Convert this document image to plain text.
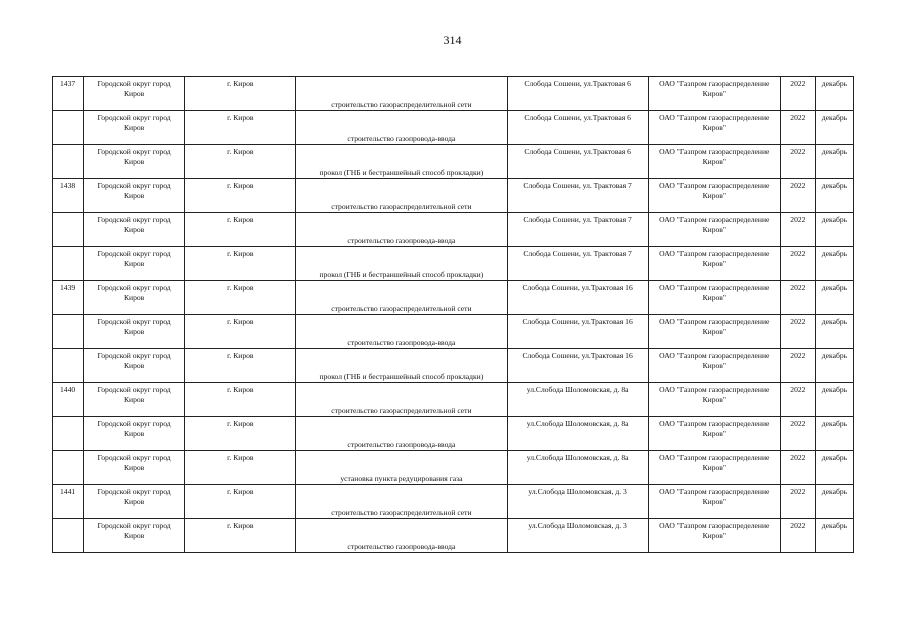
314
1437	Городской округ город Киров	г. Киров	строительство газораспределительной сети	Слобода Сошени, ул.Трактовая 6	ОАО "Газпром газораспределение Киров"	2022	декабрь

	Городской округ город Киров	г. Киров	строительство газопровода-ввода	Слобода Сошени, ул.Трактовая 6	ОАО "Газпром газораспределение Киров"	2022	декабрь

	Городской округ город Киров	г. Киров	прокол (ГНБ и бестраншейный способ прокладки)	Слобода Сошени, ул.Трактовая 6	ОАО "Газпром газораспределение Киров"	2022	декабрь

1438	Городской округ город Киров	г. Киров	строительство газораспределительной сети	Слобода Сошени, ул. Трактовая 7	ОАО "Газпром газораспределение Киров"	2022	декабрь

	Городской округ город Киров	г. Киров	строительство газопровода-ввода	Слобода Сошени, ул. Трактовая 7	ОАО "Газпром газораспределение Киров"	2022	декабрь

	Городской округ город Киров	г. Киров	прокол (ГНБ и бестраншейный способ прокладки)	Слобода Сошени, ул. Трактовая 7	ОАО "Газпром газораспределение Киров"	2022	декабрь

1439	Городской округ город Киров	г. Киров	строительство газораспределительной сети	Слобода Сошени, ул.Трактовая 16	ОАО "Газпром газораспределение Киров"	2022	декабрь

	Городской округ город Киров	г. Киров	строительство газопровода-ввода	Слобода Сошени, ул.Трактовая 16	ОАО "Газпром газораспределение Киров"	2022	декабрь

	Городской округ город Киров	г. Киров	прокол (ГНБ и бестраншейный способ прокладки)	Слобода Сошени, ул.Трактовая 16	ОАО "Газпром газораспределение Киров"	2022	декабрь

1440	Городской округ город Киров	г. Киров	строительство газораспределительной сети	ул.Слобода Шоломовская, д. 8а	ОАО "Газпром газораспределение Киров"	2022	декабрь

	Городской округ город Киров	г. Киров	строительство газопровода-ввода	ул.Слобода Шоломовская, д. 8а	ОАО "Газпром газораспределение Киров"	2022	декабрь

	Городской округ город Киров	г. Киров	установка пункта редуцирования газа	ул.Слобода Шоломовская, д. 8а	ОАО "Газпром газораспределение Киров"	2022	декабрь

1441	Городской округ город Киров	г. Киров	строительство газораспределительной сети	ул.Слобода Шоломовская, д. 3	ОАО "Газпром газораспределение Киров"	2022	декабрь

	Городской округ город Киров	г. Киров	строительство газопровода-ввода	ул.Слобода Шоломовская, д. 3	ОАО "Газпром газораспределение Киров"	2022	декабрь
